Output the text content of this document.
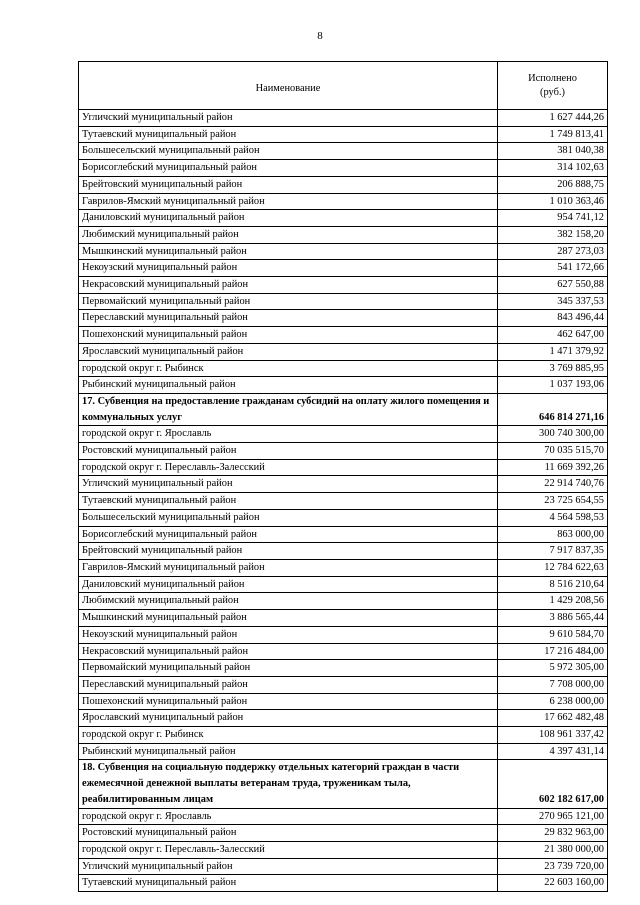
8
Наименование	Исполнено
(руб.)
Угличский муниципальный район	1 627 444,26
Тутаевский муниципальный район	1 749 813,41
Большесельский муниципальный район	381 040,38
Борисоглебский муниципальный район	314 102,63
Брейтовский муниципальный район	206 888,75
Гаврилов-Ямский муниципальный район	1 010 363,46
Даниловский муниципальный район	954 741,12
Любимский муниципальный район	382 158,20
Мышкинский муниципальный район	287 273,03
Некоузский муниципальный район	541 172,66
Некрасовский муниципальный район	627 550,88
Первомайский муниципальный район	345 337,53
Переславский муниципальный район	843 496,44
Пошехонский муниципальный район	462 647,00
Ярославский муниципальный район	1 471 379,92
городской округ г. Рыбинск	3 769 885,95
Рыбинский муниципальный район	1 037 193,06
17. Субвенция на предоставление гражданам субсидий на оплату жилого помещения и коммунальных услуг	646 814 271,16
городской округ г. Ярославль	300 740 300,00
Ростовский муниципальный район	70 035 515,70
городской округ г. Переславль-Залесский	11 669 392,26
Угличский муниципальный район	22 914 740,76
Тутаевский муниципальный район	23 725 654,55
Большесельский муниципальный район	4 564 598,53
Борисоглебский муниципальный район	863 000,00
Брейтовский муниципальный район	7 917 837,35
Гаврилов-Ямский муниципальный район	12 784 622,63
Даниловский муниципальный район	8 516 210,64
Любимский муниципальный район	1 429 208,56
Мышкинский муниципальный район	3 886 565,44
Некоузский муниципальный район	9 610 584,70
Некрасовский муниципальный район	17 216 484,00
Первомайский муниципальный район	5 972 305,00
Переславский муниципальный район	7 708 000,00
Пошехонский муниципальный район	6 238 000,00
Ярославский муниципальный район	17 662 482,48
городской округ г. Рыбинск	108 961 337,42
Рыбинский муниципальный район	4 397 431,14
18. Субвенция на социальную поддержку отдельных категорий граждан в части ежемесячной денежной выплаты ветеранам труда, труженикам тыла, реабилитированным лицам	602 182 617,00
городской округ г. Ярославль	270 965 121,00
Ростовский муниципальный район	29 832 963,00
городской округ г. Переславль-Залесский	21 380 000,00
Угличский муниципальный район	23 739 720,00
Тутаевский муниципальный район	22 603 160,00
